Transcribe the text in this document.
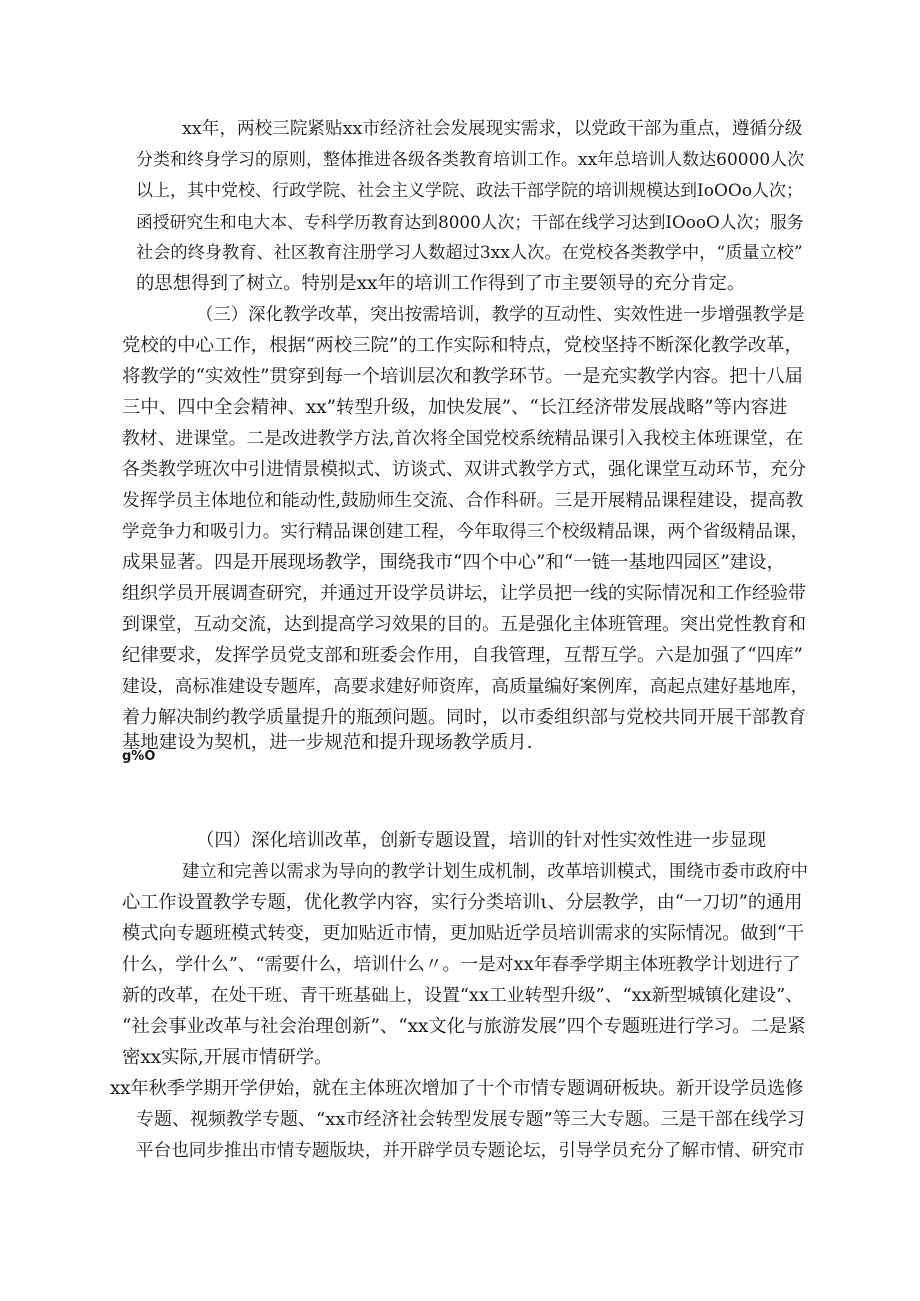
xx年，两校三院紧贴xx市经济社会发展现实需求，以党政干部为重点，遵循分级
分类和终身学习的原则，整体推进各级各类教育培训工作。xx年总培训人数达60000人次
以上，其中党校、行政学院、社会主义学院、政法干部学院的培训规模达到IoOOo人次；
函授研究生和电大本、专科学历教育达到8000人次；干部在线学习达到IOooO人次；服务
社会的终身教育、社区教育注册学习人数超过3xx人次。在党校各类教学中，“质量立校”
的思想得到了树立。特别是xx年的培训工作得到了市主要领导的充分肯定。
（三）深化教学改革，突出按需培训，教学的互动性、实效性进一步增强教学是
党校的中心工作，根据“两校三院”的工作实际和特点，党校坚持不断深化教学改革，
将教学的“实效性”贯穿到每一个培训层次和教学环节。一是充实教学内容。把十八届
三中、四中全会精神、xx”转型升级，加快发展”、“长江经济带发展战略”等内容进
教材、进课堂。二是改进教学方法,首次将全国党校系统精品课引入我校主体班课堂，在
各类教学班次中引进情景模拟式、访谈式、双讲式教学方式，强化课堂互动环节，充分
发挥学员主体地位和能动性,鼓励师生交流、合作科研。三是开展精品课程建设，提高教
学竞争力和吸引力。实行精品课创建工程，今年取得三个校级精品课，两个省级精品课，
成果显著。四是开展现场教学，围绕我市“四个中心”和“一链一基地四园区”建设，
组织学员开展调查研究，并通过开设学员讲坛，让学员把一线的实际情况和工作经验带
到课堂，互动交流，达到提高学习效果的目的。五是强化主体班管理。突出党性教育和
纪律要求，发挥学员党支部和班委会作用，自我管理，互帮互学。六是加强了“四库”
建设，高标准建设专题库，高要求建好师资库，高质量编好案例库，高起点建好基地库，
着力解决制约教学质量提升的瓶颈问题。同时，以市委组织部与党校共同开展干部教育
基地建设为契机，进一步规范和提升现场教学质月.
g%O
（四）深化培训改革，创新专题设置，培训的针对性实效性进一步显现
建立和完善以需求为导向的教学计划生成机制，改革培训模式，围绕市委市政府中
心工作设置教学专题，优化教学内容，实行分类培训ι、分层教学，由“一刀切”的通用
模式向专题班模式转变，更加贴近市情，更加贴近学员培训需求的实际情况。做到“干
什么，学什么”、“需要什么，培训什么〃。一是对xx年春季学期主体班教学计划进行了
新的改革，在处干班、青干班基础上，设置“xx工业转型升级”、“xx新型城镇化建设”、
“社会事业改革与社会治理创新”、“xx文化与旅游发展”四个专题班进行学习。二是紧
密xx实际,开展市情研学。
xx年秋季学期开学伊始，就在主体班次增加了十个市情专题调研板块。新开设学员选修
专题、视频教学专题、“xx市经济社会转型发展专题”等三大专题。三是干部在线学习
平台也同步推出市情专题版块，并开辟学员专题论坛，引导学员充分了解市情、研究市
